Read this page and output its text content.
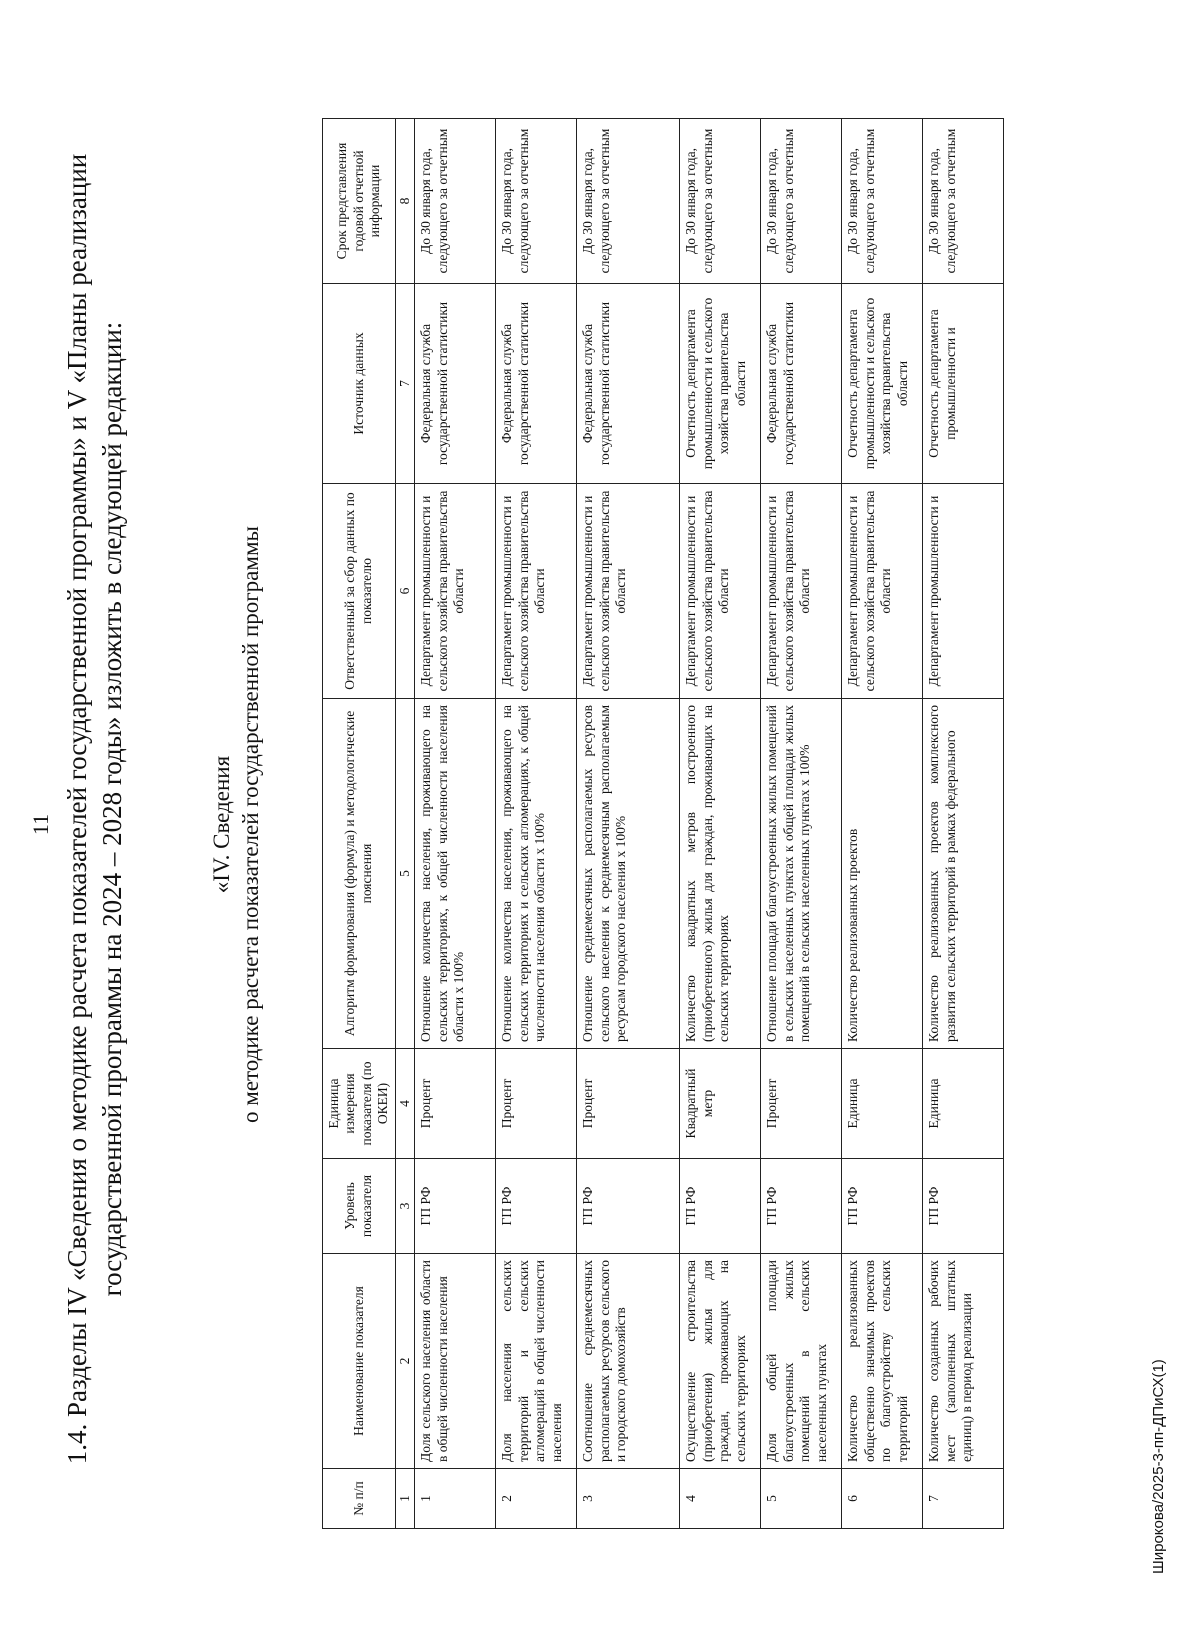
11 1.4. Разделы IV «Сведения о методике расчета показателей государственной программы» и V «Планы реализации государственной программы на 2024 – 2028 годы» изложить в следующей редакции:	«IV. Сведения о методике расчета показателей государственной программы
№ п/п	Наименование показателя	Уровень показателя	Единица измерения показателя (по ОКЕИ)	Алгоритм формирования (формула) и методологические пояснения	Ответственный за сбор данных по показателю	Источник данных	Срок представления годовой отчетной информации
1	2	3	4	5	6	7	8
1	Доля сельского населения области в общей численности населения	ГП РФ	Процент	Отношение количества населения, проживающего на сельских территориях, к общей численности населения области х 100%	Департамент промышленности и сельского хозяйства правительства области	Федеральная служба государственной статистики	До 30 января года, следующего за отчетным
2	Доля населения сельских территорий и сельских агломераций в общей численности населения	ГП РФ	Процент	Отношение количества населения, проживающего на сельских территориях и сельских агломерациях, к общей численности населения области х 100%	Департамент промышленности и сельского хозяйства правительства области	Федеральная служба государственной статистики	До 30 января года, следующего за отчетным
3	Соотношение среднемесячных располагаемых ресурсов сельского и городского домохозяйств	ГП РФ	Процент	Отношение среднемесячных располагаемых ресурсов сельского населения к среднемесячным располагаемым ресурсам городского населения х 100%	Департамент промышленности и сельского хозяйства правительства области	Федеральная служба государственной статистики	До 30 января года, следующего за отчетным
4	Осуществление строительства (приобретения) жилья для граждан, проживающих на сельских территориях	ГП РФ	Квадратный метр	Количество квадратных метров построенного (приобретенного) жилья для граждан, проживающих на сельских территориях	Департамент промышленности и сельского хозяйства правительства области	Отчетность департамента промышленности и сельского хозяйства правительства области	До 30 января года, следующего за отчетным
5	Доля общей площади благоустроенных жилых помещений в сельских населенных пунктах	ГП РФ	Процент	Отношение площади благоустроенных жилых помещений в сельских населенных пунктах к общей площади жилых помещений в сельских населенных пунктах х 100%	Департамент промышленности и сельского хозяйства правительства области	Федеральная служба государственной статистики	До 30 января года, следующего за отчетным
6	Количество реализованных общественно значимых проектов по благоустройству сельских территорий	ГП РФ	Единица	Количество реализованных проектов	Департамент промышленности и сельского хозяйства правительства области	Отчетность департамента промышленности и сельского хозяйства правительства области	До 30 января года, следующего за отчетным
7	Количество созданных рабочих мест (заполненных штатных единиц) в период реализации	ГП РФ	Единица	Количество реализованных проектов комплексного развития сельских территорий в рамках федерального	Департамент промышленности и	Отчетность департамента промышленности и	До 30 января года, следующего за отчетным
Широкова/2025-3-пп-ДПиСХ(1)
